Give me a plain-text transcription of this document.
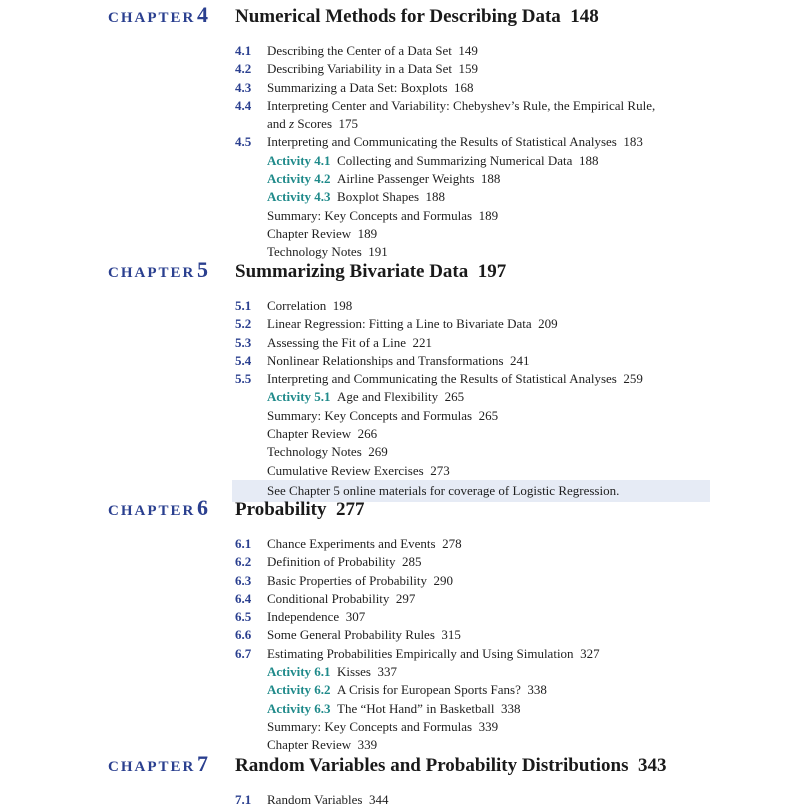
CHAPTER 4 Numerical Methods for Describing Data 148
4.1 Describing the Center of a Data Set 149
4.2 Describing Variability in a Data Set 159
4.3 Summarizing a Data Set: Boxplots 168
4.4 Interpreting Center and Variability: Chebyshev’s Rule, the Empirical Rule,
and z Scores 175
4.5 Interpreting and Communicating the Results of Statistical Analyses 183
Activity 4.1 Collecting and Summarizing Numerical Data 188
Activity 4.2 Airline Passenger Weights 188
Activity 4.3 Boxplot Shapes 188
Summary: Key Concepts and Formulas 189
Chapter Review 189
Technology Notes 191
CHAPTER 5 Summarizing Bivariate Data 197
5.1 Correlation 198
5.2 Linear Regression: Fitting a Line to Bivariate Data 209
5.3 Assessing the Fit of a Line 221
5.4 Nonlinear Relationships and Transformations 241
5.5 Interpreting and Communicating the Results of Statistical Analyses 259
Activity 5.1 Age and Flexibility 265
Summary: Key Concepts and Formulas 265
Chapter Review 266
Technology Notes 269
Cumulative Review Exercises 273
See Chapter 5 online materials for coverage of Logistic Regression.
CHAPTER 6 Probability 277
6.1 Chance Experiments and Events 278
6.2 Definition of Probability 285
6.3 Basic Properties of Probability 290
6.4 Conditional Probability 297
6.5 Independence 307
6.6 Some General Probability Rules 315
6.7 Estimating Probabilities Empirically and Using Simulation 327
Activity 6.1 Kisses 337
Activity 6.2 A Crisis for European Sports Fans? 338
Activity 6.3 The “Hot Hand” in Basketball 338
Summary: Key Concepts and Formulas 339
Chapter Review 339
CHAPTER 7 Random Variables and Probability Distributions 343
7.1 Random Variables 344
